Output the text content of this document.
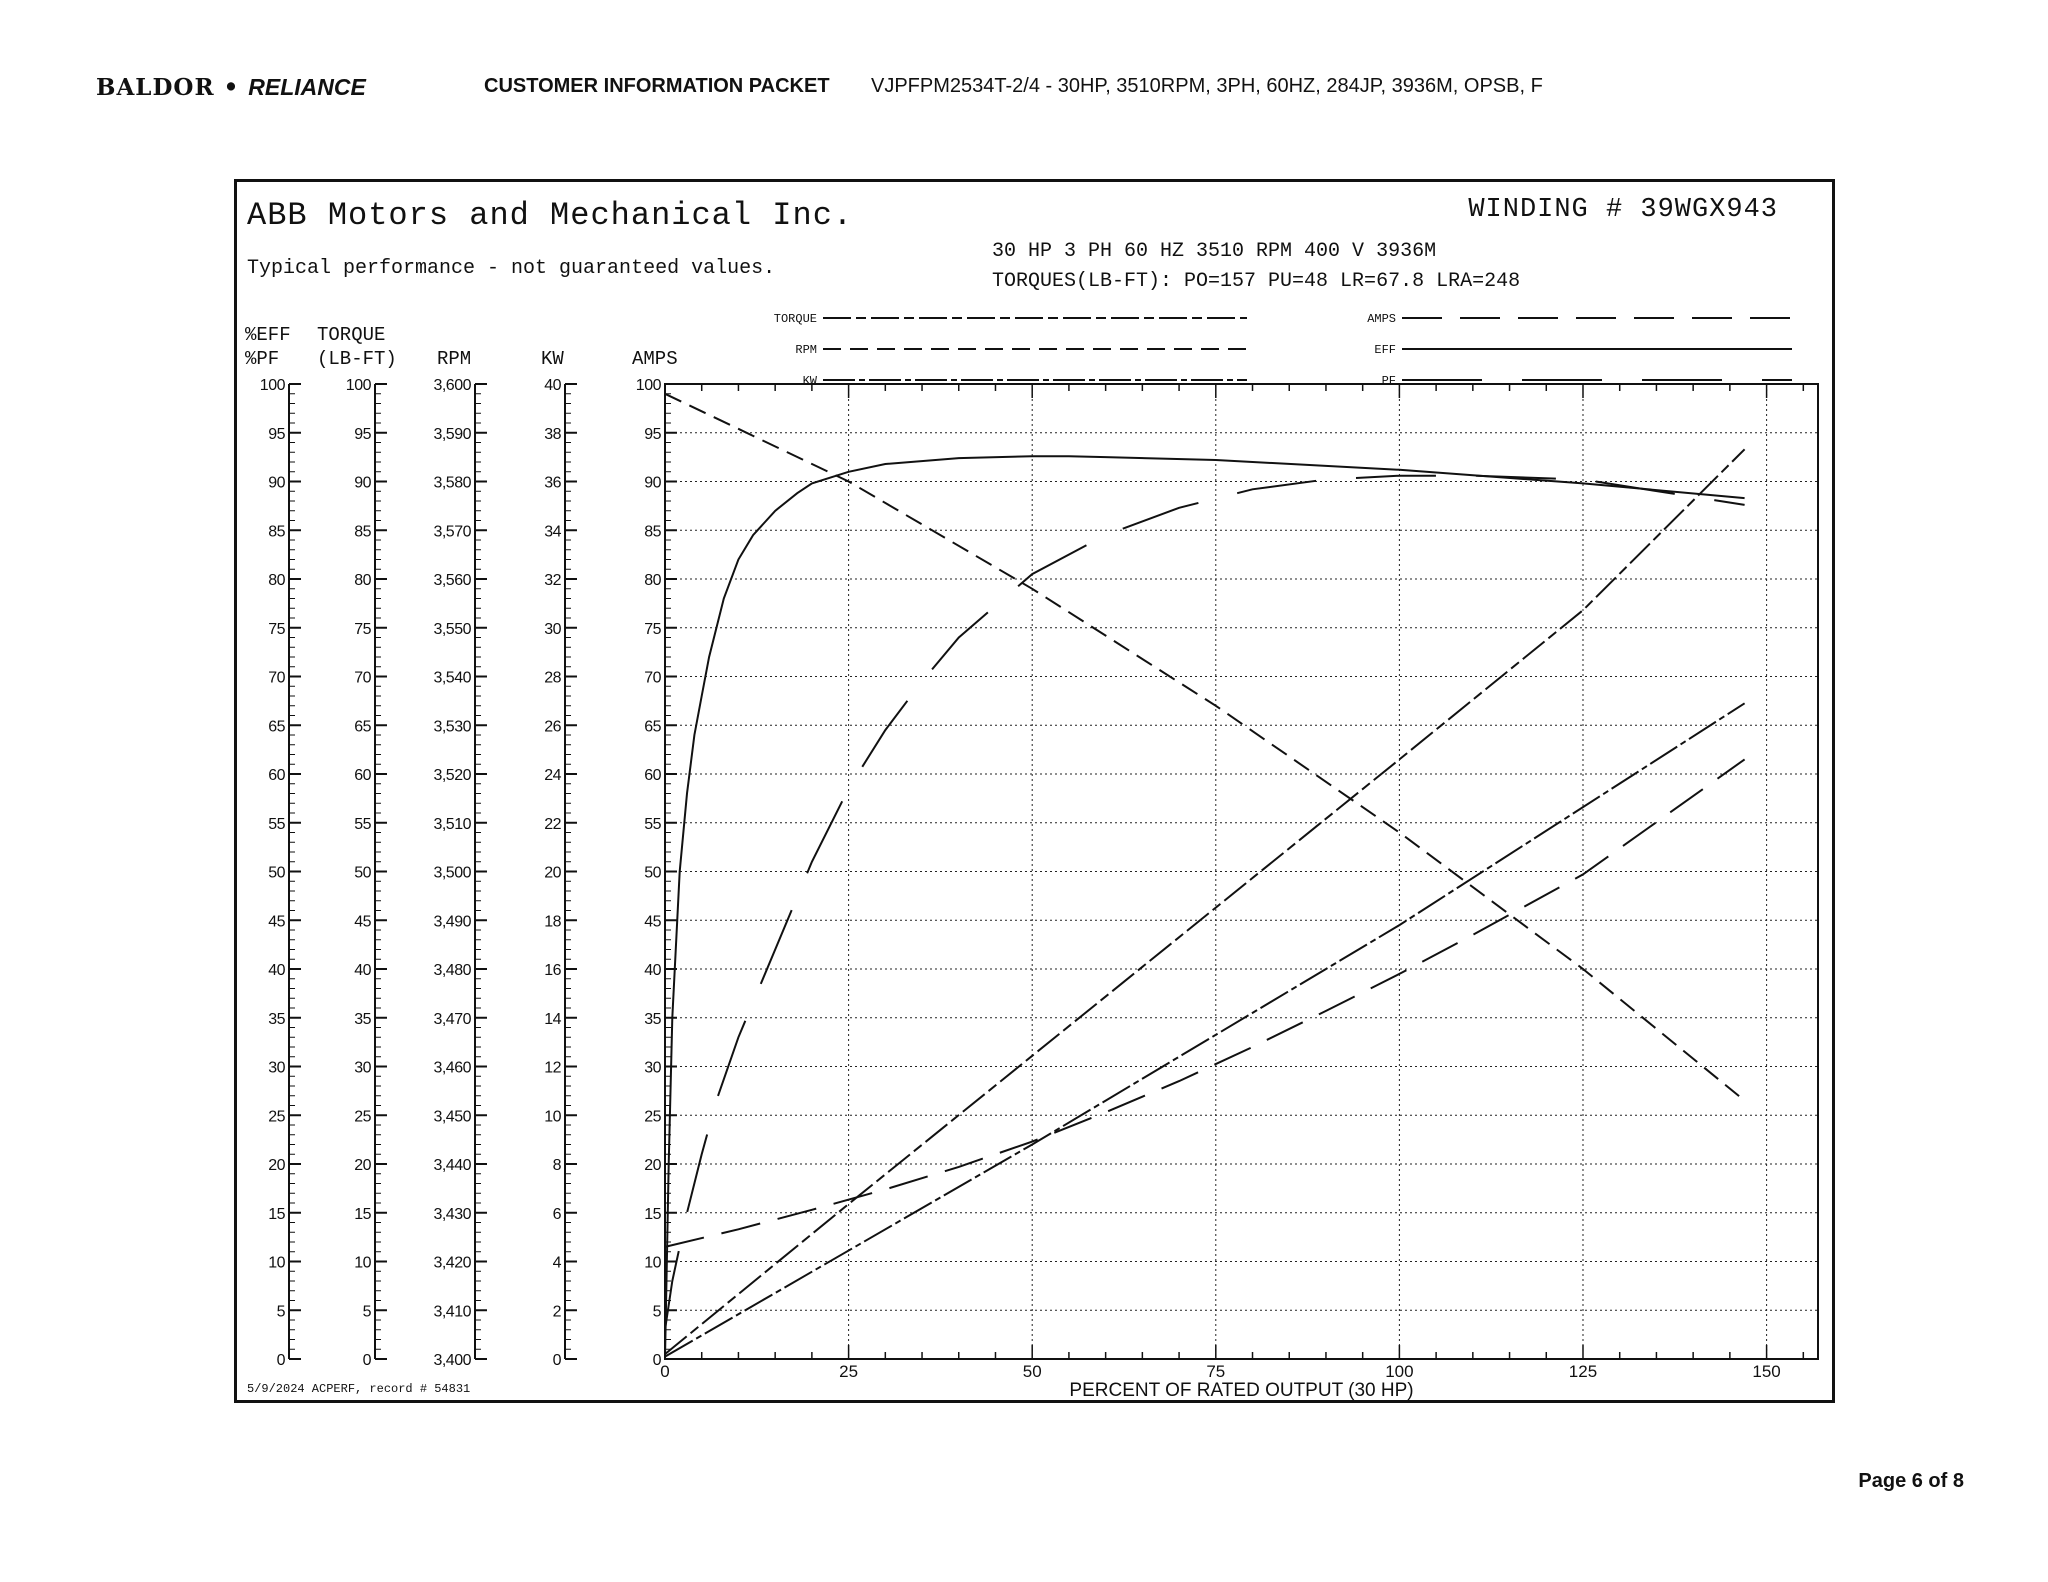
BALDOR • RELIANCE	CUSTOMER INFORMATION PACKET VJPFPM2534T-2/4 - 30HP, 3510RPM, 3PH, 60HZ, 284JP, 3936M, OPSB, F
ABB Motors and Mechanical Inc.
Typical performance - not guaranteed values.
WINDING # 39WGX943
30 HP 3 PH 60 HZ 3510 RPM 400 V 3936M
TORQUES(LB-FT): PO=157 PU=48 LR=67.8 LRA=248
5/9/2024 ACPERF, record # 54831
TORQUE
RPM
KW
AMPS
EFF
PF
0	25	50	75	100	125	150
PERCENT OF RATED OUTPUT (30 HP)
%EFF
%PF
0
5
10
15
20
25
30
35
40
45
50
55
60
65
70
75
80
85
90
95
100
TORQUE
(LB-FT)
0
5
10
15
20
25
30
35
40
45
50
55
60
65
70
75
80
85
90
95
100
RPM
3,400
3,410
3,420
3,430
3,440
3,450
3,460
3,470
3,480
3,490
3,500
3,510
3,520
3,530
3,540
3,550
3,560
3,570
3,580
3,590
3,600
KW
0
2
4
6
8
10
12
14
16
18
20
22
24
26
28
30
32
34
36
38
40
AMPS
0
5
10
15
20
25
30
35
40
45
50
55
60
65
70
75
80
85
90
95
100
Page 6 of 8
